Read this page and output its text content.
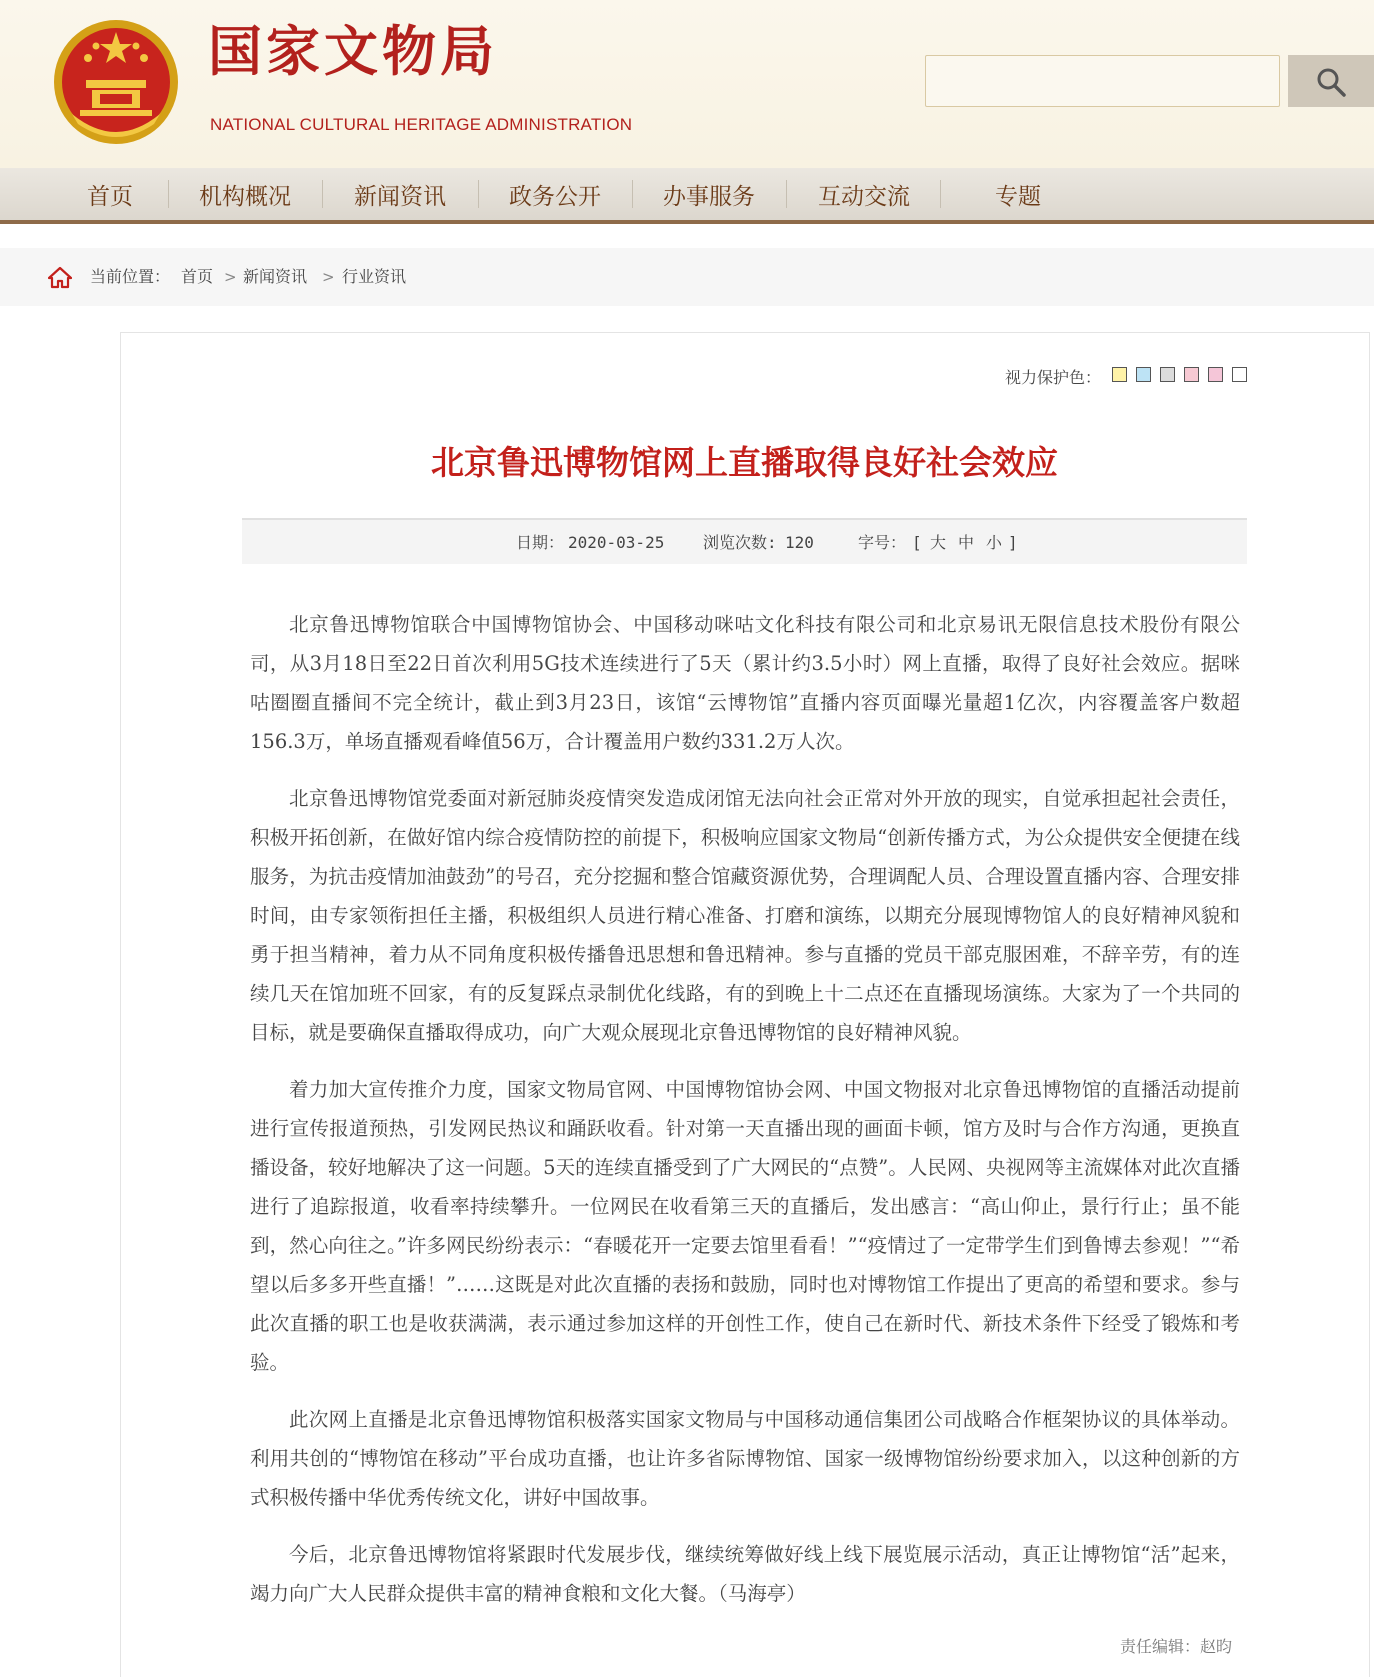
国家文物局
NATIONAL CULTURAL HERITAGE ADMINISTRATION
首页	机构概况	新闻资讯	政务公开	办事服务	互动交流	专题
当前位置： 首页 > 新闻资讯 > 行业资讯
视力保护色：
北京鲁迅博物馆网上直播取得良好社会效应
日期： 2020-03-25 浏览次数: 120	字号： [ 大 中 小 ]

北京鲁迅博物馆联合中国博物馆协会、中国移动咪咕文化科技有限公司和北京易讯无限信息技术股份有限公司，从3月18日至22日首次利用5G技术连续进行了5天（累计约3.5小时）网上直播，取得了良好社会效应。据咪咕圈圈直播间不完全统计，截止到3月23日，该馆“云博物馆”直播内容页面曝光量超1亿次，内容覆盖客户数超156.3万，单场直播观看峰值56万，合计覆盖用户数约331.2万人次。

北京鲁迅博物馆党委面对新冠肺炎疫情突发造成闭馆无法向社会正常对外开放的现实，自觉承担起社会责任，积极开拓创新，在做好馆内综合疫情防控的前提下，积极响应国家文物局“创新传播方式，为公众提供安全便捷在线服务，为抗击疫情加油鼓劲”的号召，充分挖掘和整合馆藏资源优势，合理调配人员、合理设置直播内容、合理安排时间，由专家领衔担任主播，积极组织人员进行精心准备、打磨和演练，以期充分展现博物馆人的良好精神风貌和勇于担当精神，着力从不同角度积极传播鲁迅思想和鲁迅精神。参与直播的党员干部克服困难，不辞辛劳，有的连续几天在馆加班不回家，有的反复踩点录制优化线路，有的到晚上十二点还在直播现场演练。大家为了一个共同的目标，就是要确保直播取得成功，向广大观众展现北京鲁迅博物馆的良好精神风貌。

着力加大宣传推介力度，国家文物局官网、中国博物馆协会网、中国文物报对北京鲁迅博物馆的直播活动提前进行宣传报道预热，引发网民热议和踊跃收看。针对第一天直播出现的画面卡顿，馆方及时与合作方沟通，更换直播设备，较好地解决了这一问题。5天的连续直播受到了广大网民的“点赞”。人民网、央视网等主流媒体对此次直播进行了追踪报道，收看率持续攀升。一位网民在收看第三天的直播后，发出感言：“高山仰止，景行行止；虽不能到，然心向往之。”许多网民纷纷表示：“春暖花开一定要去馆里看看！”“疫情过了一定带学生们到鲁博去参观！”“希望以后多多开些直播！”……这既是对此次直播的表扬和鼓励，同时也对博物馆工作提出了更高的希望和要求。参与此次直播的职工也是收获满满，表示通过参加这样的开创性工作，使自己在新时代、新技术条件下经受了锻炼和考验。

此次网上直播是北京鲁迅博物馆积极落实国家文物局与中国移动通信集团公司战略合作框架协议的具体举动。利用共创的“博物馆在移动”平台成功直播，也让许多省际博物馆、国家一级博物馆纷纷要求加入，以这种创新的方式积极传播中华优秀传统文化，讲好中国故事。

今后，北京鲁迅博物馆将紧跟时代发展步伐，继续统筹做好线上线下展览展示活动，真正让博物馆“活”起来，竭力向广大人民群众提供丰富的精神食粮和文化大餐。（马海亭）

责任编辑：赵昀
